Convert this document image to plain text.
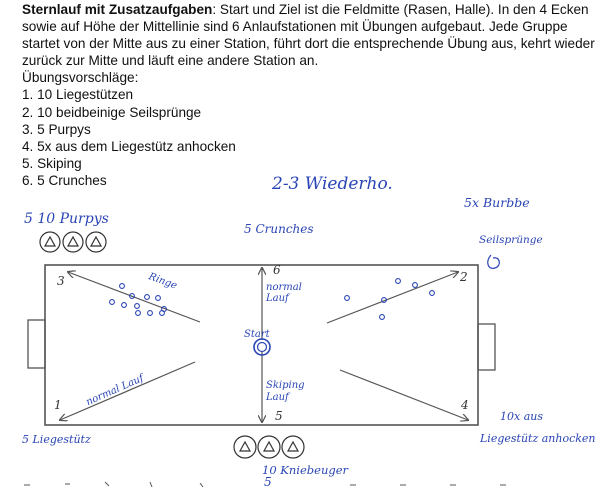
Sternlauf mit Zusatzaufgaben: Start und Ziel ist die Feldmitte (Rasen, Halle). In den 4 Ecken sowie auf Höhe der Mittellinie sind 6 Anlaufstationen mit Übungen aufgebaut. Jede Gruppe startet von der Mitte aus zu einer Station, führt dort die entsprechende Übung aus, kehrt wieder zurück zur Mitte und läuft eine andere Station an.

Übungsvorschläge:

1. 10 Liegestützen
2. 10 beidbeinige Seilsprünge
3. 5 Purpys
4. 5x aus dem Liegestütz anhocken
5. Skiping
6. 5 Crunches	2-3 Wiederho.
5 10 Purpys
5 Crunches
5x Burbbe
Seilsprünge
5 Liegestütz
10x aus
Liegestütz anhocken
10 Kniebeuger
5
Start
Ringe	normal Lauf
normal Lauf	Skiping Lauf
3	2
1	4
5
6
